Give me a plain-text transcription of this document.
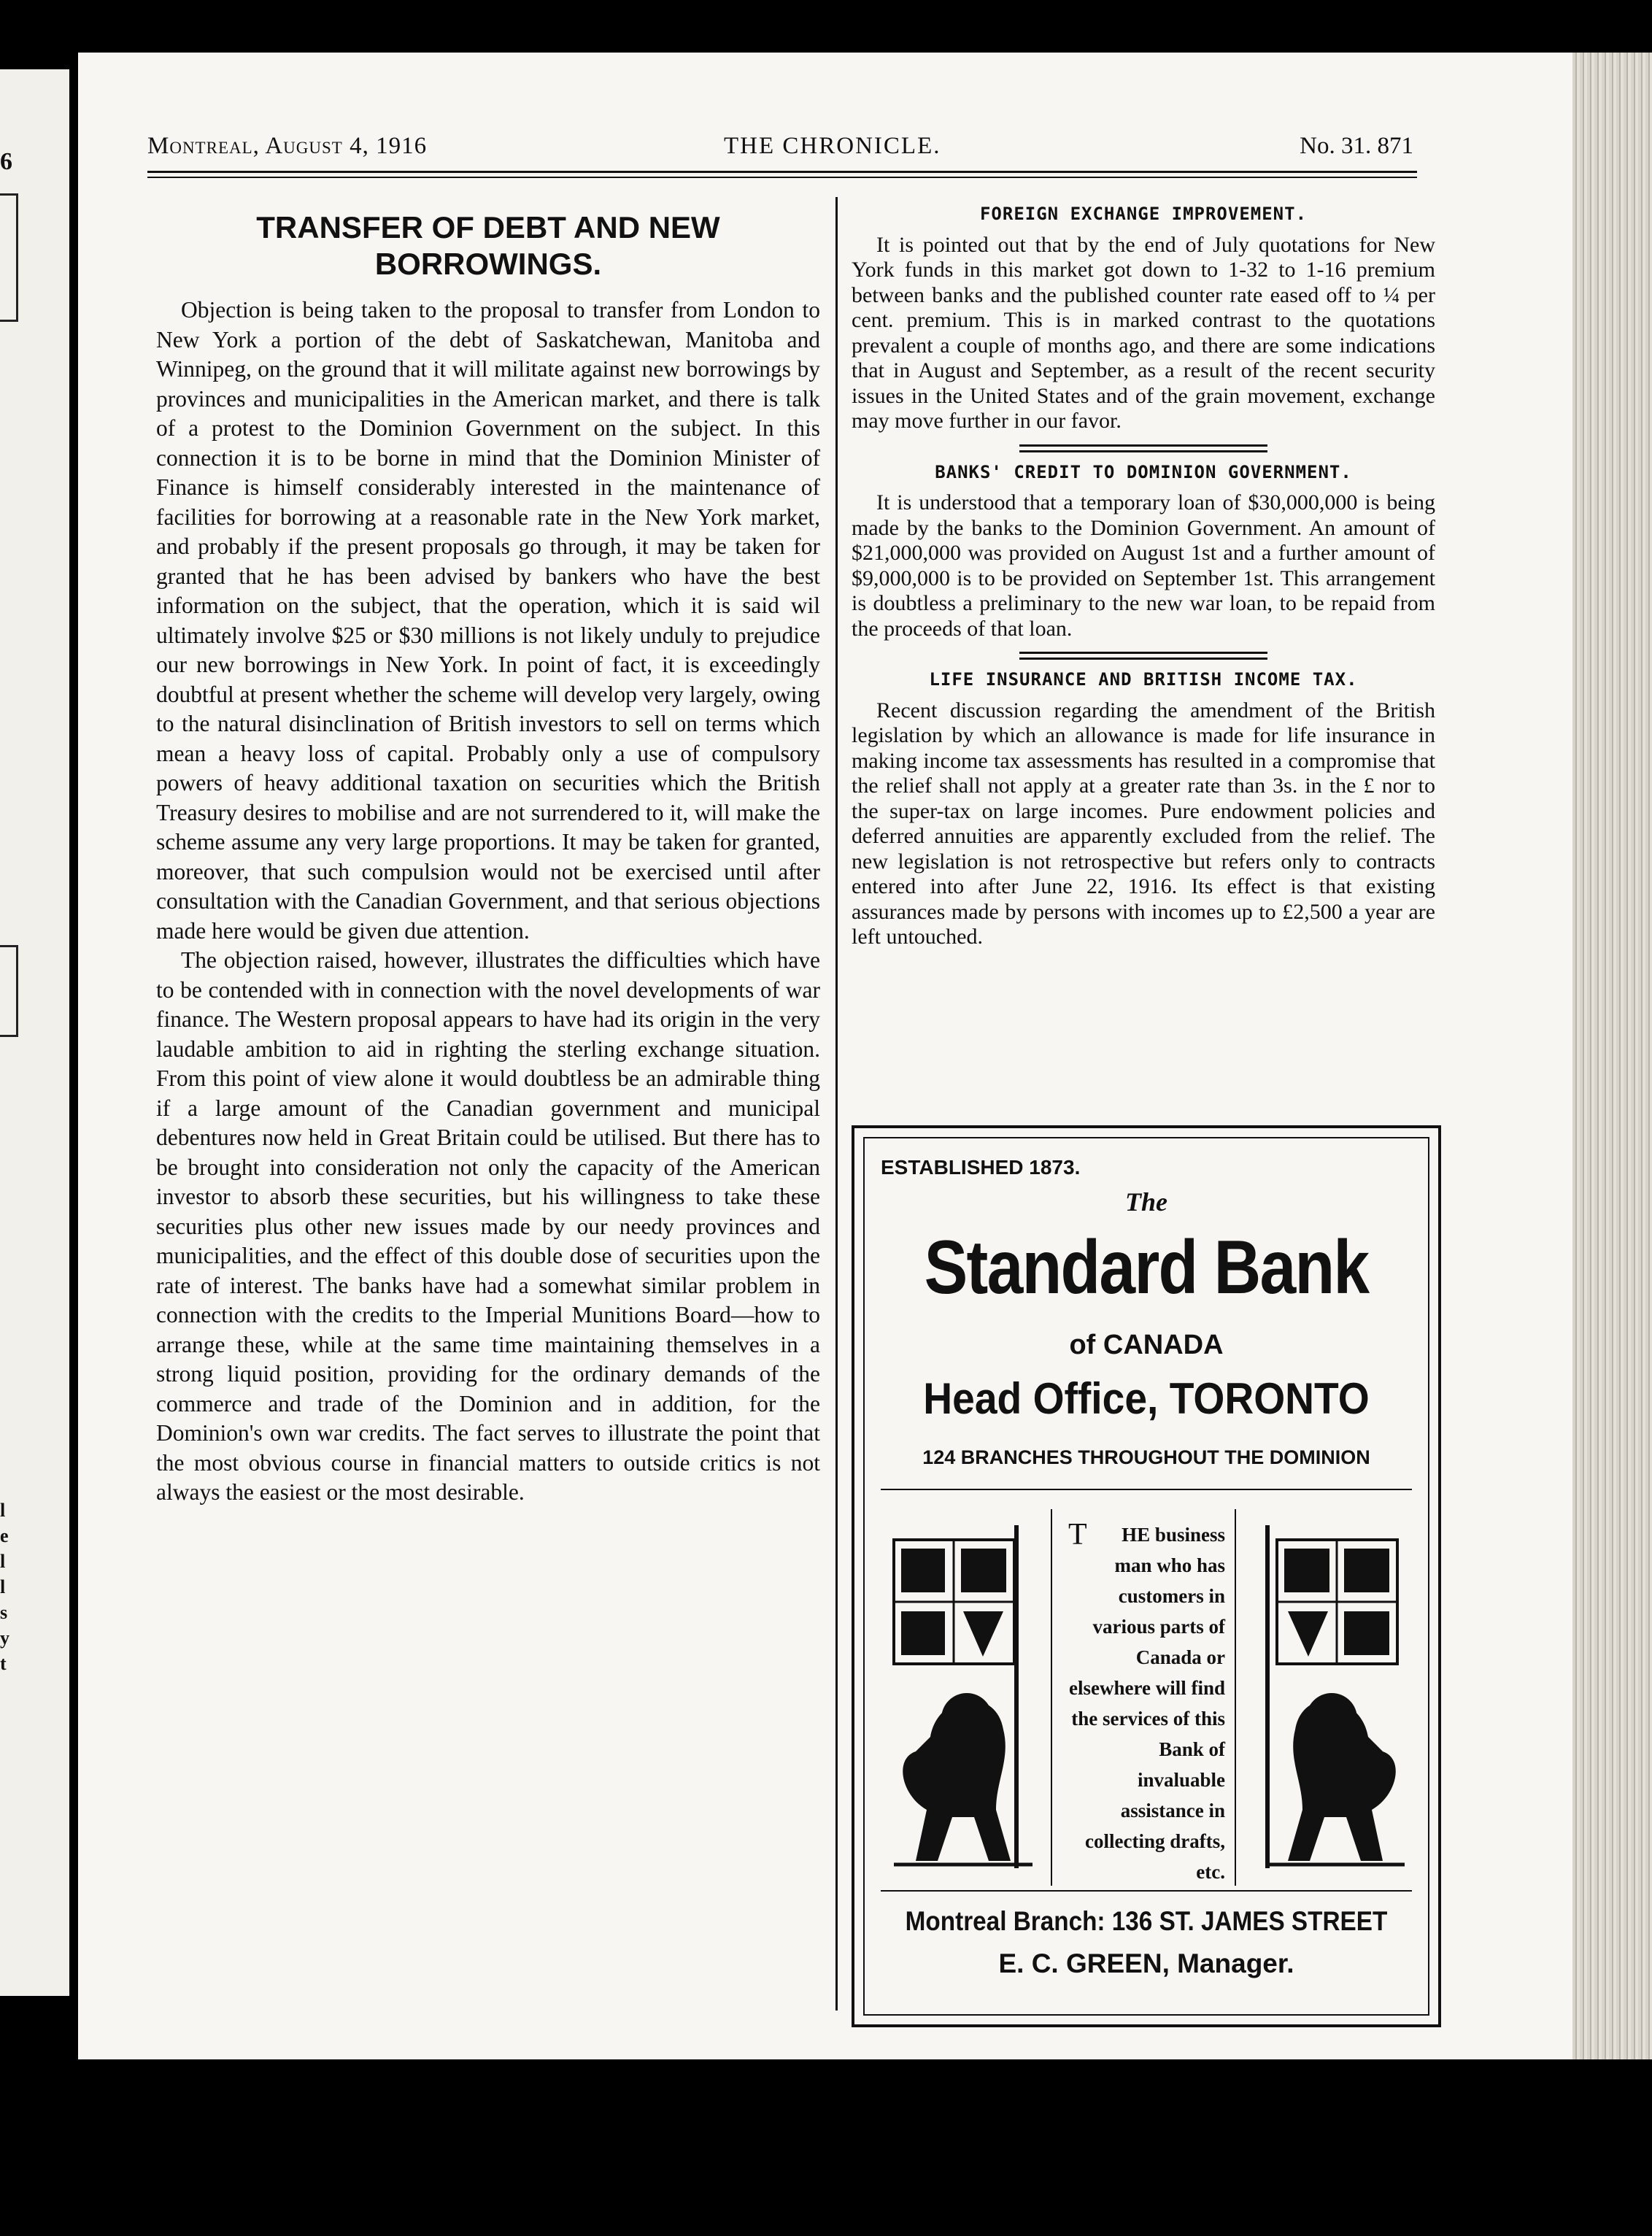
6
l
e
l
l
s
y
t
Montreal, August 4, 1916	THE CHRONICLE.	No. 31. 871
TRANSFER OF DEBT AND NEW BORROWINGS.

Objection is being taken to the proposal to transfer from London to New York a portion of the debt of Saskatchewan, Manitoba and Winnipeg, on the ground that it will militate against new borrowings by provinces and municipalities in the American market, and there is talk of a protest to the Dominion Government on the subject. In this connection it is to be borne in mind that the Dominion Minister of Finance is himself considerably interested in the maintenance of facilities for borrowing at a reasonable rate in the New York market, and probably if the present proposals go through, it may be taken for granted that he has been advised by bankers who have the best information on the subject, that the operation, which it is said wil ultimately involve $25 or $30 millions is not likely unduly to prejudice our new borrowings in New York. In point of fact, it is exceedingly doubtful at present whether the scheme will develop very largely, owing to the natural disinclination of British investors to sell on terms which mean a heavy loss of capital. Probably only a use of compulsory powers of heavy additional taxation on securities which the British Treasury desires to mobilise and are not surrendered to it, will make the scheme assume any very large proportions. It may be taken for granted, moreover, that such compulsion would not be exercised until after consultation with the Canadian Government, and that serious objections made here would be given due attention.

The objection raised, however, illustrates the difficulties which have to be contended with in connection with the novel developments of war finance. The Western proposal appears to have had its origin in the very laudable ambition to aid in righting the sterling exchange situation. From this point of view alone it would doubtless be an admirable thing if a large amount of the Canadian government and municipal debentures now held in Great Britain could be utilised. But there has to be brought into consideration not only the capacity of the American investor to absorb these securities, but his willingness to take these securities plus other new issues made by our needy provinces and municipalities, and the effect of this double dose of securities upon the rate of interest. The banks have had a somewhat similar problem in connection with the credits to the Imperial Munitions Board—how to arrange these, while at the same time maintaining themselves in a strong liquid position, providing for the ordinary demands of the commerce and trade of the Dominion and in addition, for the Dominion's own war credits. The fact serves to illustrate the point that the most obvious course in financial matters to outside critics is not always the easiest or the most desirable.

FOREIGN EXCHANGE IMPROVEMENT.

It is pointed out that by the end of July quotations for New York funds in this market got down to 1-32 to 1-16 premium between banks and the published counter rate eased off to ¼ per cent. premium. This is in marked contrast to the quotations prevalent a couple of months ago, and there are some indications that in August and September, as a result of the recent security issues in the United States and of the grain movement, exchange may move further in our favor.

BANKS' CREDIT TO DOMINION GOVERNMENT.

It is understood that a temporary loan of $30,000,000 is being made by the banks to the Dominion Government. An amount of $21,000,000 was provided on August 1st and a further amount of $9,000,000 is to be provided on September 1st. This arrangement is doubtless a preliminary to the new war loan, to be repaid from the proceeds of that loan.

LIFE INSURANCE AND BRITISH INCOME TAX.

Recent discussion regarding the amendment of the British legislation by which an allowance is made for life insurance in making income tax assessments has resulted in a compromise that the relief shall not apply at a greater rate than 3s. in the £ nor to the super-tax on large incomes. Pure endowment policies and deferred annuities are apparently excluded from the relief. The new legislation is not retrospective but refers only to contracts entered into after June 22, 1916. Its effect is that existing assurances made by persons with incomes up to £2,500 a year are left untouched.

ESTABLISHED 1873.
The
Standard Bank
of CANADA
Head Office, TORONTO
124 BRANCHES THROUGHOUT THE DOMINION
T HE business man who has customers in various parts of Canada or elsewhere will find the services of this Bank of invaluable assistance in collecting drafts, etc.
Montreal Branch: 136 ST. JAMES STREET
E. C. GREEN, Manager.
